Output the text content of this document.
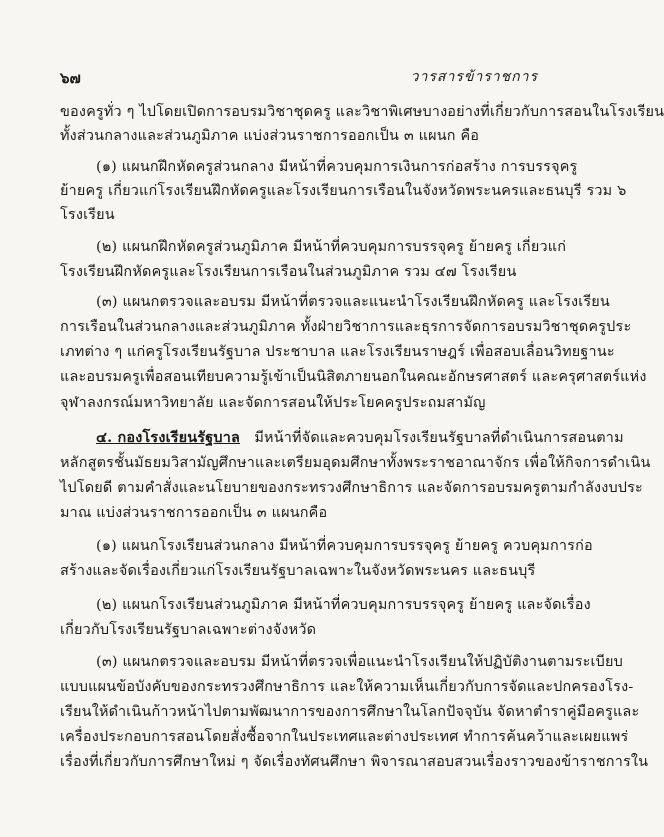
๖๗	วารสารข้าราชการ
ของครูทั่ว ๆ ไปโดยเปิดการอบรมวิชาชุดครู และวิชาพิเศษบางอย่างที่เกี่ยวกับการสอนในโรงเรียน
ทั้งส่วนกลางและส่วนภูมิภาค แบ่งส่วนราชการออกเป็น ๓ แผนก คือ
(๑) แผนกฝึกหัดครูส่วนกลาง มีหน้าที่ควบคุมการเงินการก่อสร้าง การบรรจุครู
ย้ายครู เกี่ยวแก่โรงเรียนฝึกหัดครูและโรงเรียนการเรือนในจังหวัดพระนครและธนบุรี รวม ๖
โรงเรียน
(๒) แผนกฝึกหัดครูส่วนภูมิภาค มีหน้าที่ควบคุมการบรรจุครู ย้ายครู เกี่ยวแก่
โรงเรียนฝึกหัดครูและโรงเรียนการเรือนในส่วนภูมิภาค รวม ๔๗ โรงเรียน
(๓) แผนกตรวจและอบรม มีหน้าที่ตรวจและแนะนำโรงเรียนฝึกหัดครู และโรงเรียน
การเรือนในส่วนกลางและส่วนภูมิภาค ทั้งฝ่ายวิชาการและธุรการจัดการอบรมวิชาชุดครูประ
เภทต่าง ๆ แก่ครูโรงเรียนรัฐบาล ประชาบาล และโรงเรียนราษฎร์ เพื่อสอบเลื่อนวิทยฐานะ
และอบรมครูเพื่อสอนเทียบความรู้เข้าเป็นนิสิตภายนอกในคณะอักษรศาสตร์ และครุศาสตร์แห่ง
จุฬาลงกรณ์มหาวิทยาลัย และจัดการสอนให้ประโยคครูประถมสามัญ
๔. กองโรงเรียนรัฐบาล มีหน้าที่จัดและควบคุมโรงเรียนรัฐบาลที่ดำเนินการสอนตาม
หลักสูตรชั้นมัธยมวิสามัญศึกษาและเตรียมอุดมศึกษาทั้งพระราชอาณาจักร เพื่อให้กิจการดำเนิน
ไปโดยดี ตามคำสั่งและนโยบายของกระทรวงศึกษาธิการ และจัดการอบรมครูตามกำลังงบประ
มาณ แบ่งส่วนราชการออกเป็น ๓ แผนกคือ
(๑) แผนกโรงเรียนส่วนกลาง มีหน้าที่ควบคุมการบรรจุครู ย้ายครู ควบคุมการก่อ
สร้างและจัดเรื่องเกี่ยวแก่โรงเรียนรัฐบาลเฉพาะในจังหวัดพระนคร และธนบุรี
(๒) แผนกโรงเรียนส่วนภูมิภาค มีหน้าที่ควบคุมการบรรจุครู ย้ายครู และจัดเรื่อง
เกี่ยวกับโรงเรียนรัฐบาลเฉพาะต่างจังหวัด
(๓) แผนกตรวจและอบรม มีหน้าที่ตรวจเพื่อแนะนำโรงเรียนให้ปฏิบัติงานตามระเบียบ
แบบแผนข้อบังคับของกระทรวงศึกษาธิการ และให้ความเห็นเกี่ยวกับการจัดและปกครองโรง-
เรียนให้ดำเนินก้าวหน้าไปตามพัฒนาการของการศึกษาในโลกปัจจุบัน จัดหาตำราคู่มือครูและ
เครื่องประกอบการสอนโดยสั่งซื้อจากในประเทศและต่างประเทศ ทำการค้นคว้าและเผยแพร่
เรื่องที่เกี่ยวกับการศึกษาใหม่ ๆ จัดเรื่องทัศนศึกษา พิจารณาสอบสวนเรื่องราวของข้าราชการใน
